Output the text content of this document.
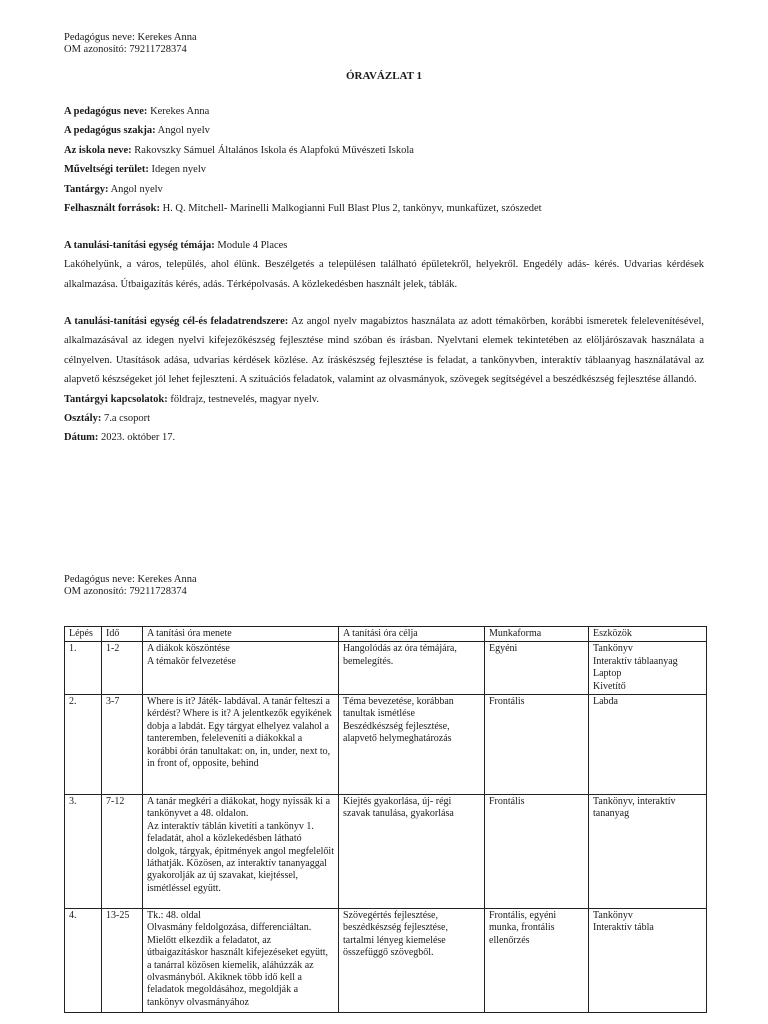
Pedagógus neve: Kerekes Anna
OM azonosító: 79211728374
ÓRAVÁZLAT 1

A pedagógus neve: Kerekes Anna

A pedagógus szakja: Angol nyelv

Az iskola neve: Rakovszky Sámuel Általános Iskola és Alapfokú Művészeti Iskola

Műveltségi terület: Idegen nyelv

Tantárgy: Angol nyelv

Felhasznált források: H. Q. Mitchell- Marinelli Malkogianni Full Blast Plus 2, tankönyv, munkafüzet, szószedet

A tanulási-tanítási egység témája: Module 4 Places

Lakóhelyünk, a város, település, ahol élünk. Beszélgetés a településen található épületekről, helyekről. Engedély adás- kérés. Udvarias kérdések alkalmazása. Útbaigazítás kérés, adás. Térképolvasás. A közlekedésben használt jelek, táblák.

A tanulási-tanítási egység cél-és feladatrendszere: Az angol nyelv magabiztos használata az adott témakörben, korábbi ismeretek felelevenítésével, alkalmazásával az idegen nyelvi kifejezőkészség fejlesztése mind szóban és írásban. Nyelvtani elemek tekintetében az elöljárószavak használata a célnyelven. Utasítások adása, udvarias kérdések közlése. Az íráskészség fejlesztése is feladat, a tankönyvben, interaktív táblaanyag használatával az alapvető készségeket jól lehet fejleszteni. A szituációs feladatok, valamint az olvasmányok, szövegek segítségével a beszédkészség fejlesztése állandó.

Tantárgyi kapcsolatok: földrajz, testnevelés, magyar nyelv.

Osztály: 7.a csoport

Dátum: 2023. október 17.

Pedagógus neve: Kerekes Anna
OM azonosító: 79211728374
Lépés	Idő	A tanítási óra menete	A tanítási óra célja	Munkaforma	Eszközök

1.	1-2	A diákok köszöntése
A témakör felvezetése	Hangolódás az óra témájára, bemelegítés.	Egyéni	Tankönyv
Interaktív táblaanyag
Laptop
Kivetítő

2.	3-7	Where is it? Játék- labdával. A tanár felteszi a kérdést? Where is it? A jelentkezők egyikének dobja a labdát. Egy tárgyat elhelyez valahol a tanteremben, feleleveníti a diákokkal a korábbi órán tanultakat: on, in, under, next to, in front of, opposite, behind	Téma bevezetése, korábban tanultak ismétlése
Beszédkészség fejlesztése, alapvető helymeghatározás	Frontális	Labda

3.	7-12	A tanár megkéri a diákokat, hogy nyissák ki a tankönyvet a 48. oldalon.
Az interaktív táblán kivetíti a tankönyv 1. feladatát, ahol a közlekedésben látható dolgok, tárgyak, épitmények angol megfelelőit láthatják. Közösen, az interaktív tananyaggal gyakorolják az új szavakat, kiejtéssel, ismétléssel együtt.	Kiejtés gyakorlása, új- régi szavak tanulása, gyakorlása	Frontális	Tankönyv, interaktív tananyag

4.	13-25	Tk.: 48. oldal
Olvasmány feldolgozása, differenciáltan.
Mielőtt elkezdik a feladatot, az útbaigazításkor használt kifejezéseket együtt, a tanárral közösen kiemelik, aláhúzzák az olvasmányból. Akiknek több idő kell a feladatok megoldásához, megoldják a tankönyv olvasmányához	Szövegértés fejlesztése, beszédkészség fejlesztése, tartalmi lényeg kiemelése összefüggő szövegből.	Frontális, egyéni munka, frontális ellenőrzés	Tankönyv
Interaktív tábla
